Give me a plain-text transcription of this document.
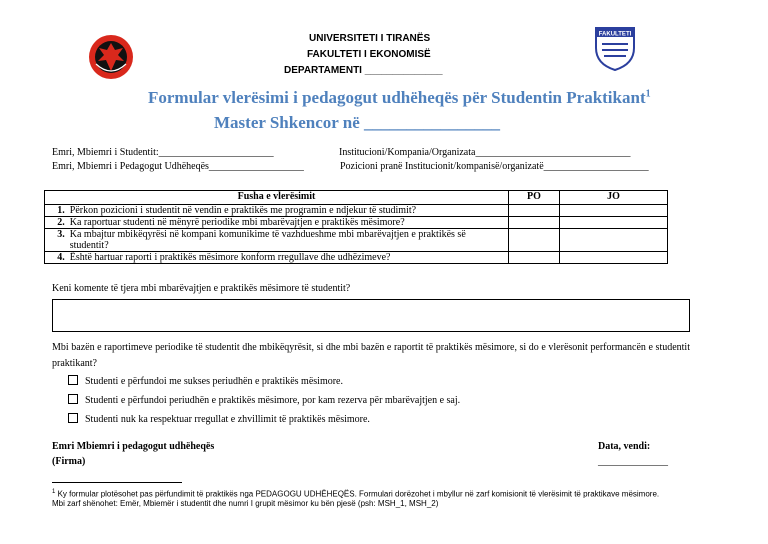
FAKULTETI
UNIVERSITETI I TIRANËS
FAKULTETI I EKONOMISË
DEPARTAMENTI ______________
Formular vlerësimi i pedagogut udhëheqës për Studentin Praktikant$^1$
Master Shkencor në ________________
Emri, Mbiemri i Studentit:_______________________	Institucioni/Kompania/Organizata_______________________________
Emri, Mbiemri i Pedagogut Udhëheqës___________________	Pozicioni pranë Institucionit/kompanisë/organizatë_____________________
Fusha e vlerësimit		PO	JO
1.	Përkon pozicioni i studentit në vendin e praktikës me programin e ndjekur të studimit?		
2.	Ka raportuar studenti në mënyrë periodike mbi mbarëvajtjen e praktikës mësimore?		
3.	Ka mbajtur mbikëqyrësi në kompani komunikime të vazhdueshme mbi mbarëvajtjen e praktikës së studentit?		
4.	Është hartuar raporti i praktikës mësimore konform rregullave dhe udhëzimeve?		
Keni komente të tjera mbi mbarëvajtjen e praktikës mësimore të studentit?
Mbi bazën e raportimeve periodike të studentit dhe mbikëqyrësit, si dhe mbi bazën e raportit të praktikës mësimore, si do e vlerësonit performancën e studentit praktikant?
Studenti e përfundoi me sukses periudhën e praktikës mësimore.
Studenti e përfundoi periudhën e praktikës mësimore, por kam rezerva për mbarëvajtjen e saj.
Studenti nuk ka respektuar rregullat e zhvillimit të praktikës mësimore.
Emri Mbiemri i pedagogut udhëheqës
(Firma)
Data, vendi:
______________
$^1$ Ky formular plotësohet pas përfundimit të praktikës nga PEDAGOGU UDHËHEQËS. Formulari dorëzohet i mbyllur në zarf komisionit të vlerësimit të praktikave mësimore.
Mbi zarf shënohet: Emër, Mbiemër i studentit dhe numri I grupit mësimor ku bën pjesë (psh: MSH_1, MSH_2)
